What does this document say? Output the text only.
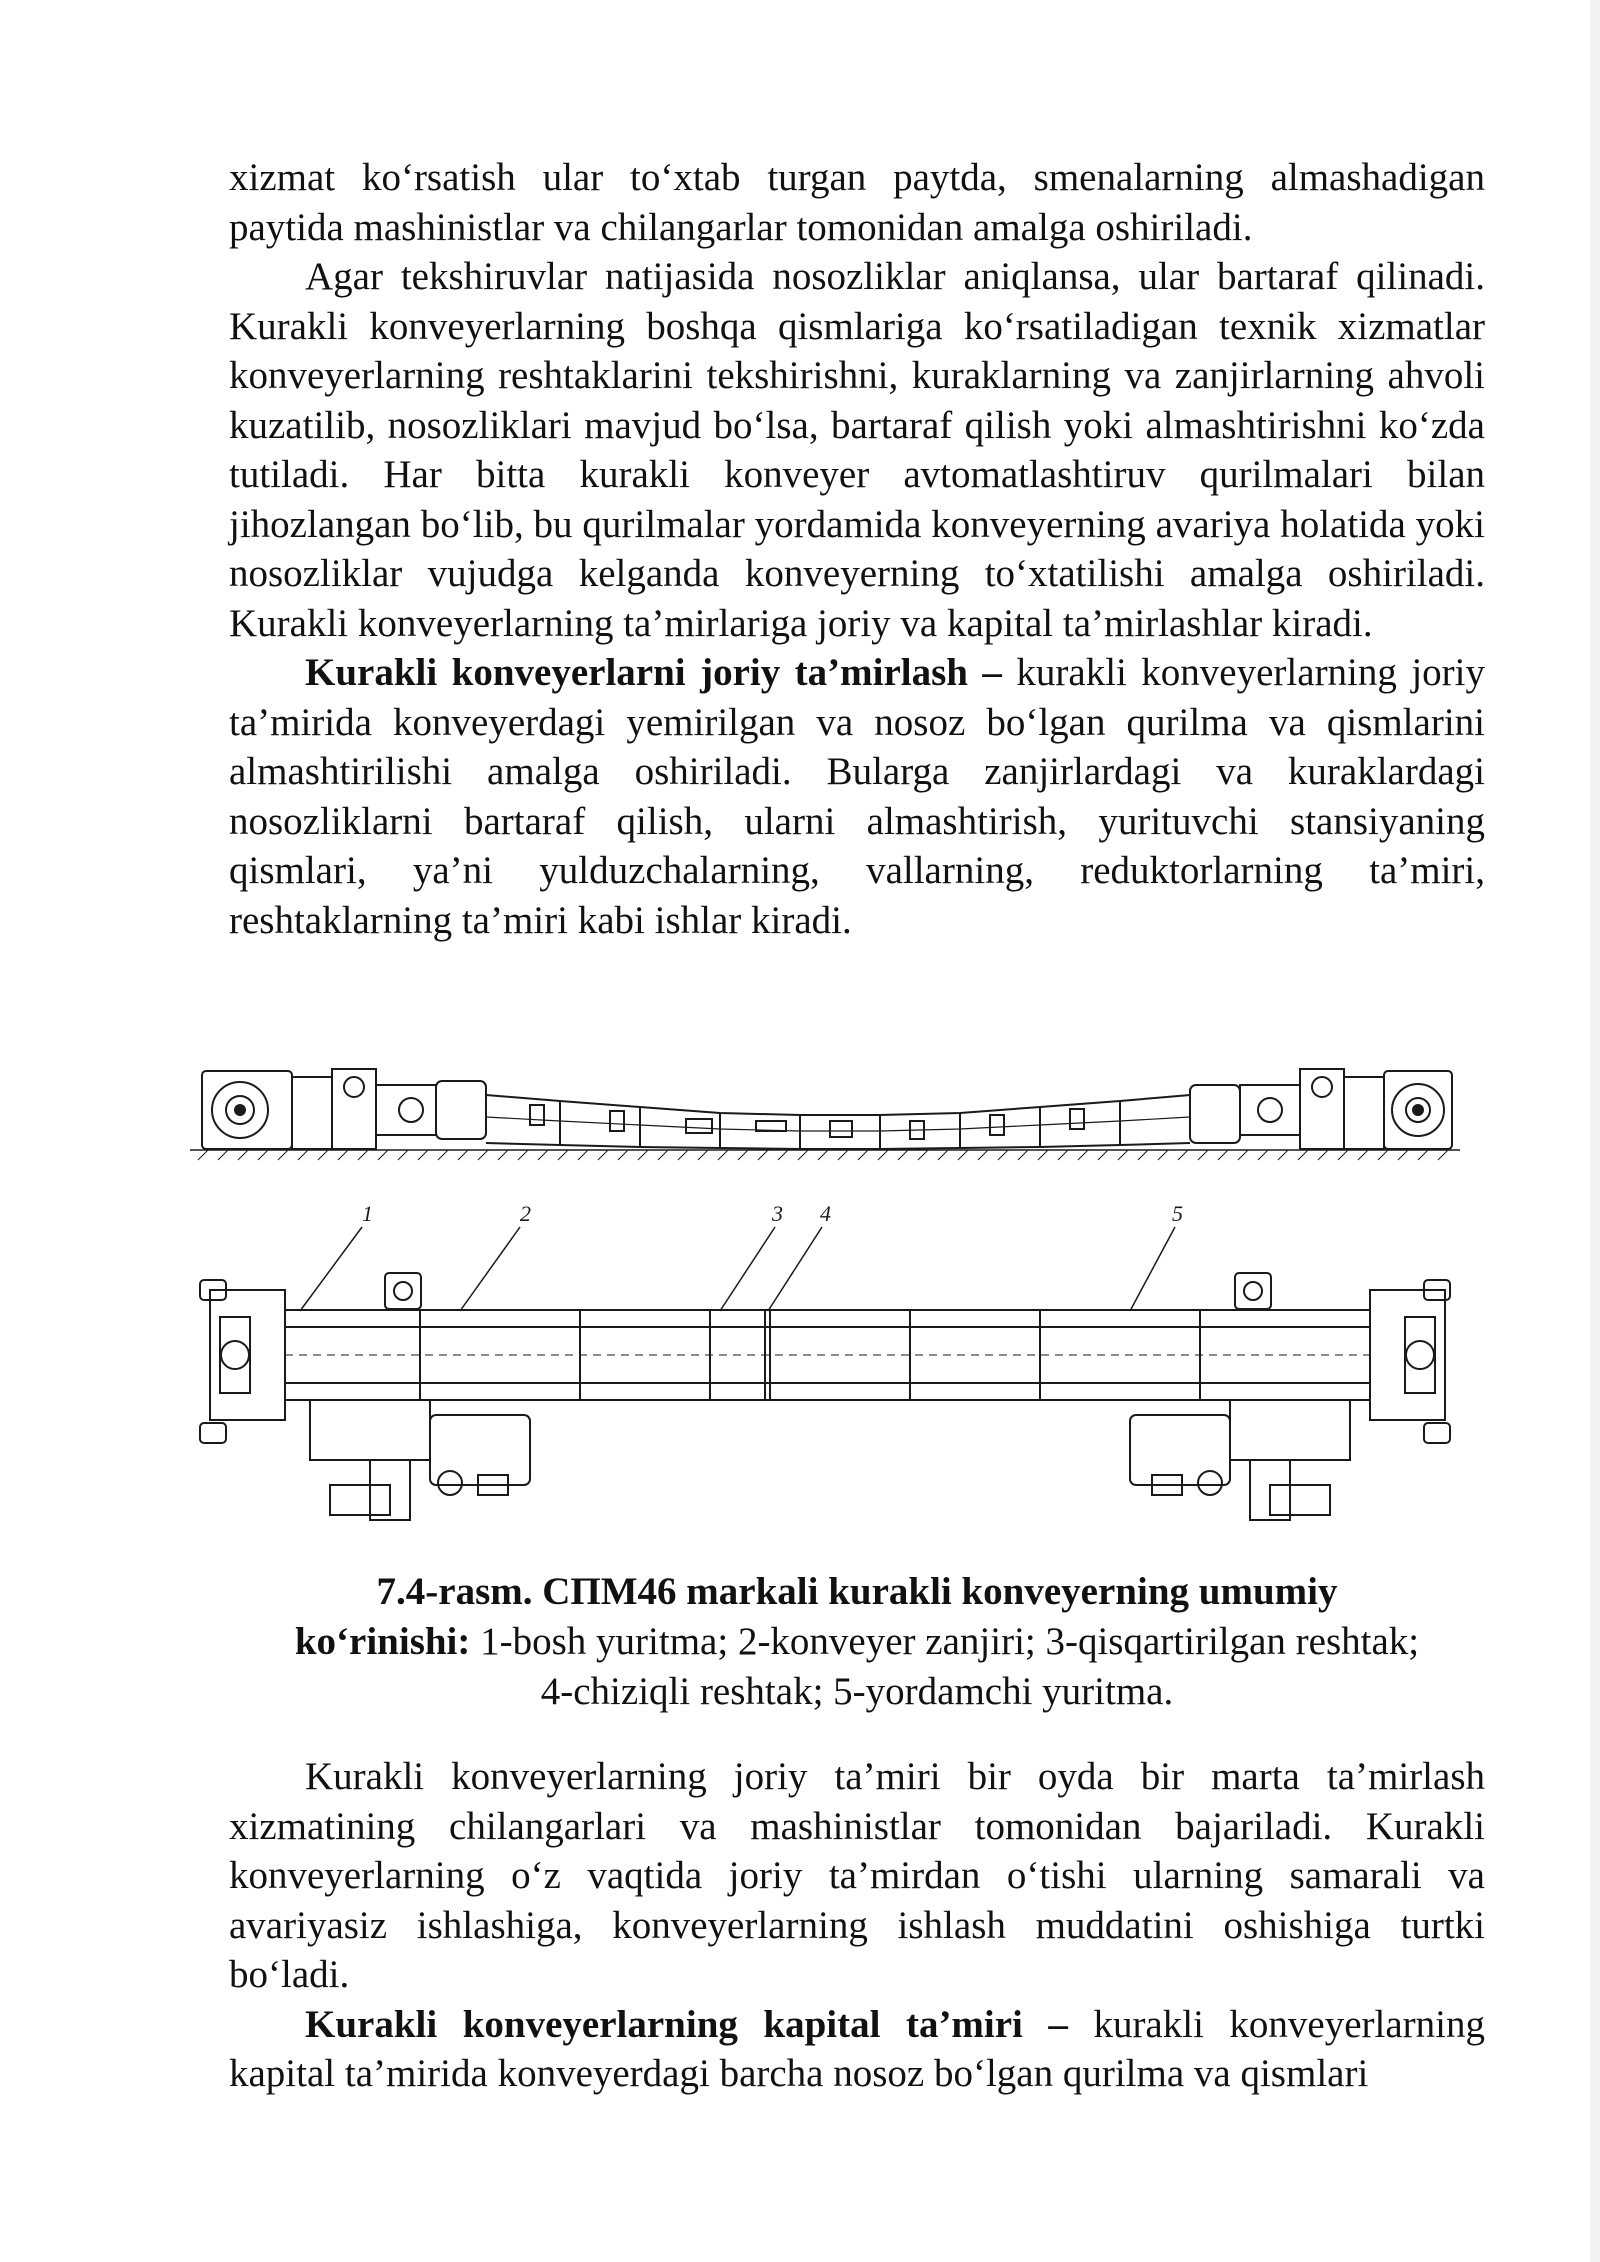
xizmat ko‘rsatish ular to‘xtab turgan paytda, smenalarning almashadigan paytida mashinistlar va chilangarlar tomonidan amalga oshiriladi.

Agar tekshiruvlar natijasida nosozliklar aniqlansa, ular bartaraf qilinadi. Kurakli konveyerlarning boshqa qismlariga ko‘rsatiladigan texnik xizmatlar konveyerlarning reshtaklarini tekshirishni, kuraklarning va zanjirlarning ahvoli kuzatilib, nosozliklari mavjud bo‘lsa, bartaraf qilish yoki almashtirishni ko‘zda tutiladi. Har bitta kurakli konveyer avtomatlashtiruv qurilmalari bilan jihozlangan bo‘lib, bu qurilmalar yordamida konveyerning avariya holatida yoki nosozliklar vujudga kelganda konveyerning to‘xtatilishi amalga oshiriladi. Kurakli konveyerlarning ta’mirlariga joriy va kapital ta’mirlashlar kiradi.

Kurakli konveyerlarni joriy ta’mirlash – kurakli konveyerlarning joriy ta’mirida konveyerdagi yemirilgan va nosoz bo‘lgan qurilma va qismlarini almashtirilishi amalga oshiriladi. Bularga zanjirlardagi va kuraklardagi nosozliklarni bartaraf qilish, ularni almashtirish, yurituvchi stansiyaning qismlari, ya’ni yulduzchalarning, vallarning, reduktorlarning ta’miri, reshtaklarning ta’miri kabi ishlar kiradi.

1	2	3 4	5

7.4-rasm. СПМ46 markali kurakli konveyerning umumiy

ko‘rinishi: 1-bosh yuritma; 2-konveyer zanjiri; 3-qisqartirilgan reshtak;

4-chiziqli reshtak; 5-yordamchi yuritma.

Kurakli konveyerlarning joriy ta’miri bir oyda bir marta ta’mirlash xizmatining chilangarlari va mashinistlar tomonidan bajariladi. Kurakli konveyerlarning o‘z vaqtida joriy ta’mirdan o‘tishi ularning samarali va avariyasiz ishlashiga, konveyerlarning ishlash muddatini oshishiga turtki bo‘ladi.

Kurakli konveyerlarning kapital ta’miri – kurakli konveyerlarning kapital ta’mirida konveyerdagi barcha nosoz bo‘lgan qurilma va qismlari
